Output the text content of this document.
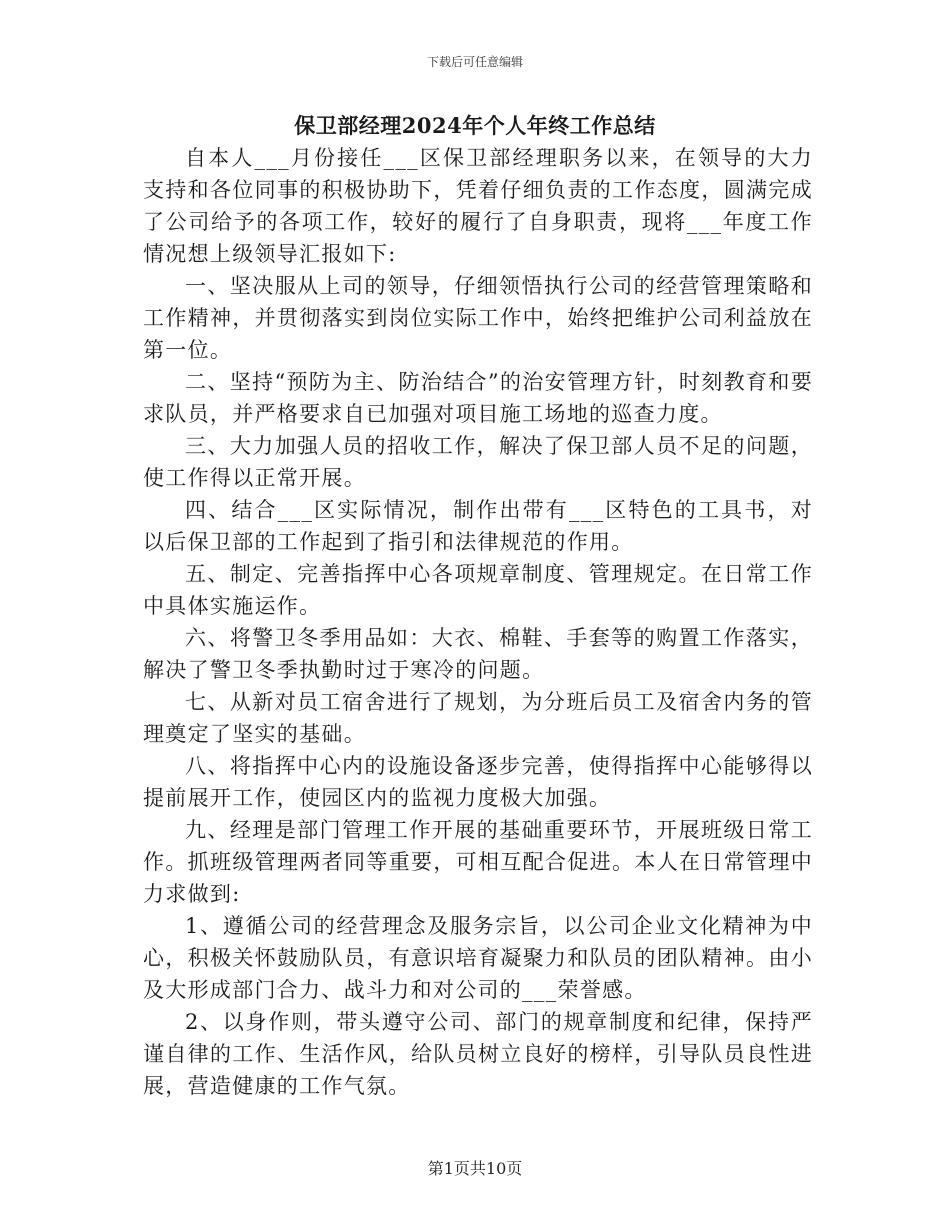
下载后可任意编辑
保卫部经理2024年个人年终工作总结

自本人___月份接任___区保卫部经理职务以来，在领导的大力支持和各位同事的积极协助下，凭着仔细负责的工作态度，圆满完成了公司给予的各项工作，较好的履行了自身职责，现将___年度工作情况想上级领导汇报如下:

一、坚决服从上司的领导，仔细领悟执行公司的经营管理策略和工作精神，并贯彻落实到岗位实际工作中，始终把维护公司利益放在第一位。

二、坚持“预防为主、防治结合”的治安管理方针，时刻教育和要求队员，并严格要求自已加强对项目施工场地的巡查力度。

三、大力加强人员的招收工作，解决了保卫部人员不足的问题，使工作得以正常开展。

四、结合___区实际情况，制作出带有___区特色的工具书，对以后保卫部的工作起到了指引和法律规范的作用。

五、制定、完善指挥中心各项规章制度、管理规定。在日常工作中具体实施运作。

六、将警卫冬季用品如：大衣、棉鞋、手套等的购置工作落实，解决了警卫冬季执勤时过于寒冷的问题。

七、从新对员工宿舍进行了规划，为分班后员工及宿舍内务的管理奠定了坚实的基础。

八、将指挥中心内的设施设备逐步完善，使得指挥中心能够得以提前展开工作，使园区内的监视力度极大加强。

九、经理是部门管理工作开展的基础重要环节，开展班级日常工作。抓班级管理两者同等重要，可相互配合促进。本人在日常管理中力求做到:

1、遵循公司的经营理念及服务宗旨，以公司企业文化精神为中心，积极关怀鼓励队员，有意识培育凝聚力和队员的团队精神。由小及大形成部门合力、战斗力和对公司的___荣誉感。

2、以身作则，带头遵守公司、部门的规章制度和纪律，保持严谨自律的工作、生活作风，给队员树立良好的榜样，引导队员良性进展，营造健康的工作气氛。

第1页共10页
